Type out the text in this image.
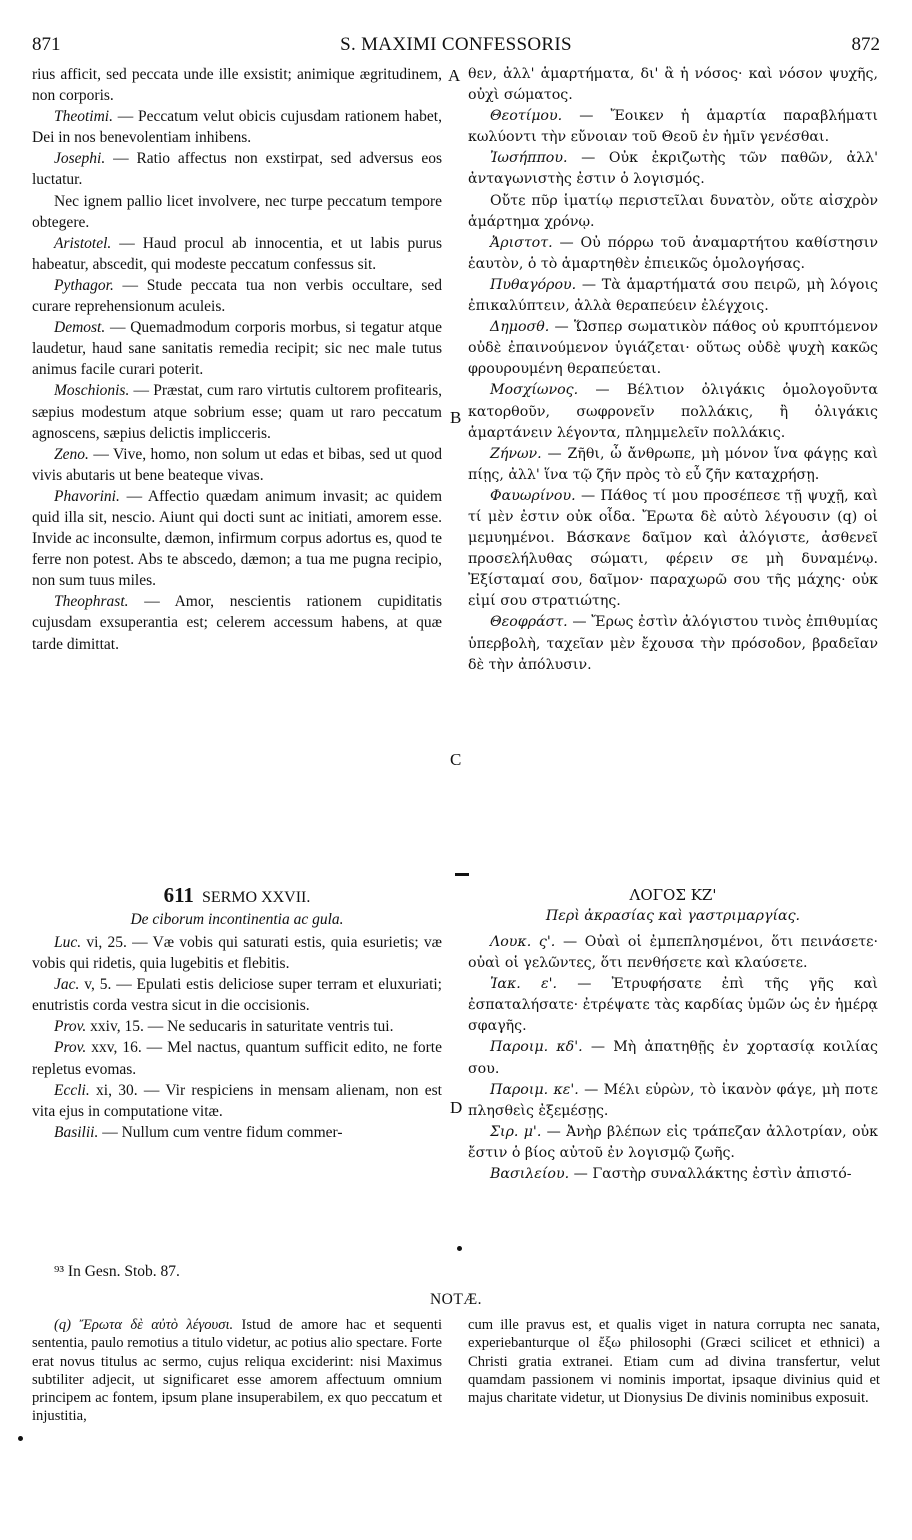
871	S. MAXIMI CONFESSORIS	872
A
B
C
D

rius afficit, sed peccata unde ille exsistit; animique ægritudinem, non corporis.

Theotimi. — Peccatum velut obicis cujusdam rationem habet, Dei in nos benevolentiam inhibens.

Josephi. — Ratio affectus non exstirpat, sed adversus eos luctatur.

Nec ignem pallio licet involvere, nec turpe peccatum tempore obtegere.

Aristotel. — Haud procul ab innocentia, et ut labis purus habeatur, abscedit, qui modeste peccatum confessus sit.

Pythagor. — Stude peccata tua non verbis occultare, sed curare reprehensionum aculeis.

Demost. — Quemadmodum corporis morbus, si tegatur atque laudetur, haud sane sanitatis remedia recipit; sic nec male tutus animus facile curari poterit.

Moschionis. — Præstat, cum raro virtutis cultorem profitearis, sæpius modestum atque sobrium esse; quam ut raro peccatum agnoscens, sæpius delictis implicceris.

Zeno. — Vive, homo, non solum ut edas et bibas, sed ut quod vivis abutaris ut bene beateque vivas.

Phavorini. — Affectio quædam animum invasit; ac quidem quid illa sit, nescio. Aiunt qui docti sunt ac initiati, amorem esse. Invide ac inconsulte, dæmon, infirmum corpus adortus es, quod te ferre non potest. Abs te abscedo, dæmon; a tua me pugna recipio, non sum tuus miles.

Theophrast. — Amor, nescientis rationem cupiditatis cujusdam exsuperantia est; celerem accessum habens, at quæ tarde dimittat.

θεν, ἀλλ' ἁμαρτήματα, δι' ἃ ἡ νόσος· καὶ νόσον ψυχῆς, οὐχὶ σώματος.

Θεοτίμου. — Ἔοικεν ἡ ἁμαρτία παραβλήματι κωλύοντι τὴν εὔνοιαν τοῦ Θεοῦ ἐν ἡμῖν γενέσθαι.

Ἰωσήππου. — Οὐκ ἐκριζωτὴς τῶν παθῶν, ἀλλ' ἀνταγωνιστὴς ἐστιν ὁ λογισμός.

Οὔτε πῦρ ἱματίῳ περιστεῖλαι δυνατὸν, οὔτε αἰσχρὸν ἁμάρτημα χρόνῳ.

Ἀριστοτ. — Οὐ πόρρω τοῦ ἀναμαρτήτου καθίστησιν ἑαυτὸν, ὁ τὸ ἁμαρτηθὲν ἐπιεικῶς ὁμολογήσας.

Πυθαγόρου. — Τὰ ἁμαρτήματά σου πειρῶ, μὴ λόγοις ἐπικαλύπτειν, ἀλλὰ θεραπεύειν ἐλέγχοις.

Δημοσθ. — Ὥσπερ σωματικὸν πάθος οὐ κρυπτόμενον οὐδὲ ἐπαινούμενον ὑγιάζεται· οὕτως οὐδὲ ψυχὴ κακῶς φρουρουμένη θεραπεύεται.

Μοσχίωνος. — Βέλτιον ὀλιγάκις ὁμολογοῦντα κατορθοῦν, σωφρονεῖν πολλάκις, ἢ ὀλιγάκις ἁμαρτάνειν λέγοντα, πλημμελεῖν πολλάκις.

Ζήνων. — Ζῆθι, ὦ ἄνθρωπε, μὴ μόνον ἵνα φάγῃς καὶ πίῃς, ἀλλ' ἵνα τῷ ζῆν πρὸς τὸ εὖ ζῆν καταχρήσῃ.

Φαυωρίνου. — Πάθος τί μου προσέπεσε τῇ ψυχῇ, καὶ τί μὲν ἐστιν οὐκ οἶδα. Ἔρωτα δὲ αὐτὸ λέγουσιν (q) οἱ μεμυημένοι. Βάσκανε δαῖμον καὶ ἀλόγιστε, ἀσθενεῖ προσελήλυθας σώματι, φέρειν σε μὴ δυναμένῳ. Ἐξίσταμαί σου, δαῖμον· παραχωρῶ σου τῆς μάχης· οὐκ εἰμί σου στρατιώτης.

Θεοφράστ. — Ἔρως ἐστὶν ἀλόγιστου τινὸς ἐπιθυμίας ὑπερβολὴ, ταχεῖαν μὲν ἔχουσα τὴν πρόσοδον, βραδεῖαν δὲ τὴν ἀπόλυσιν.

611 SERMO XXVII.

De ciborum incontinentia ac gula.

ΛΟΓΟΣ ΚΖ'

Περὶ ἀκρασίας καὶ γαστριμαργίας.

Luc. vi, 25. — Væ vobis qui saturati estis, quia esurietis; væ vobis qui ridetis, quia lugebitis et flebitis.

Jac. v, 5. — Epulati estis deliciose super terram et eluxuriati; enutristis corda vestra sicut in die occisionis.

Prov. xxiv, 15. — Ne seducaris in saturitate ventris tui.

Prov. xxv, 16. — Mel nactus, quantum sufficit edito, ne forte repletus evomas.

Eccli. xi, 30. — Vir respiciens in mensam alienam, non est vita ejus in computatione vitæ.

Basilii. — Nullum cum ventre fidum commer-

Λουκ. ς'. — Οὐαὶ οἱ ἐμπεπλησμένοι, ὅτι πεινάσετε· οὐαὶ οἱ γελῶντες, ὅτι πενθήσετε καὶ κλαύσετε.

Ἰακ. ε'. — Ἐτρυφήσατε ἐπὶ τῆς γῆς καὶ ἐσπαταλήσατε· ἐτρέψατε τὰς καρδίας ὑμῶν ὡς ἐν ἡμέρᾳ σφαγῆς.

Παροιμ. κδ'. — Μὴ ἀπατηθῇς ἐν χορτασίᾳ κοιλίας σου.

Παροιμ. κε'. — Μέλι εὑρὼν, τὸ ἱκανὸν φάγε, μὴ ποτε πλησθεὶς ἐξεμέσῃς.

Σιρ. μ'. — Ἀνὴρ βλέπων εἰς τράπεζαν ἀλλοτρίαν, οὐκ ἔστιν ὁ βίος αὐτοῦ ἐν λογισμῷ ζωῆς.

Βασιλείου. — Γαστὴρ συναλλάκτης ἐστὶν ἀπιστό-

⁹³ In Gesn. Stob. 87.
NOTÆ.
(q) Ἔρωτα δὲ αὐτὸ λέγουσι. Istud de amore hac et sequenti sententia, paulo remotius a titulo videtur, ac potius alio spectare. Forte erat novus titulus ac sermo, cujus reliqua exciderint: nisi Maximus subtiliter adjecit, ut significaret esse amorem affectuum omnium principem ac fontem, ipsum plane insuperabilem, ex quo peccatum et injustitia,
cum ille pravus est, et qualis viget in natura corrupta nec sanata, experiebanturque ol ἔξω philosophi (Græci scilicet et ethnici) a Christi gratia extranei. Etiam cum ad divina transfertur, velut quamdam passionem vi nominis importat, ipsaque divinius quid et majus charitate videtur, ut Dionysius De divinis nominibus exposuit.
